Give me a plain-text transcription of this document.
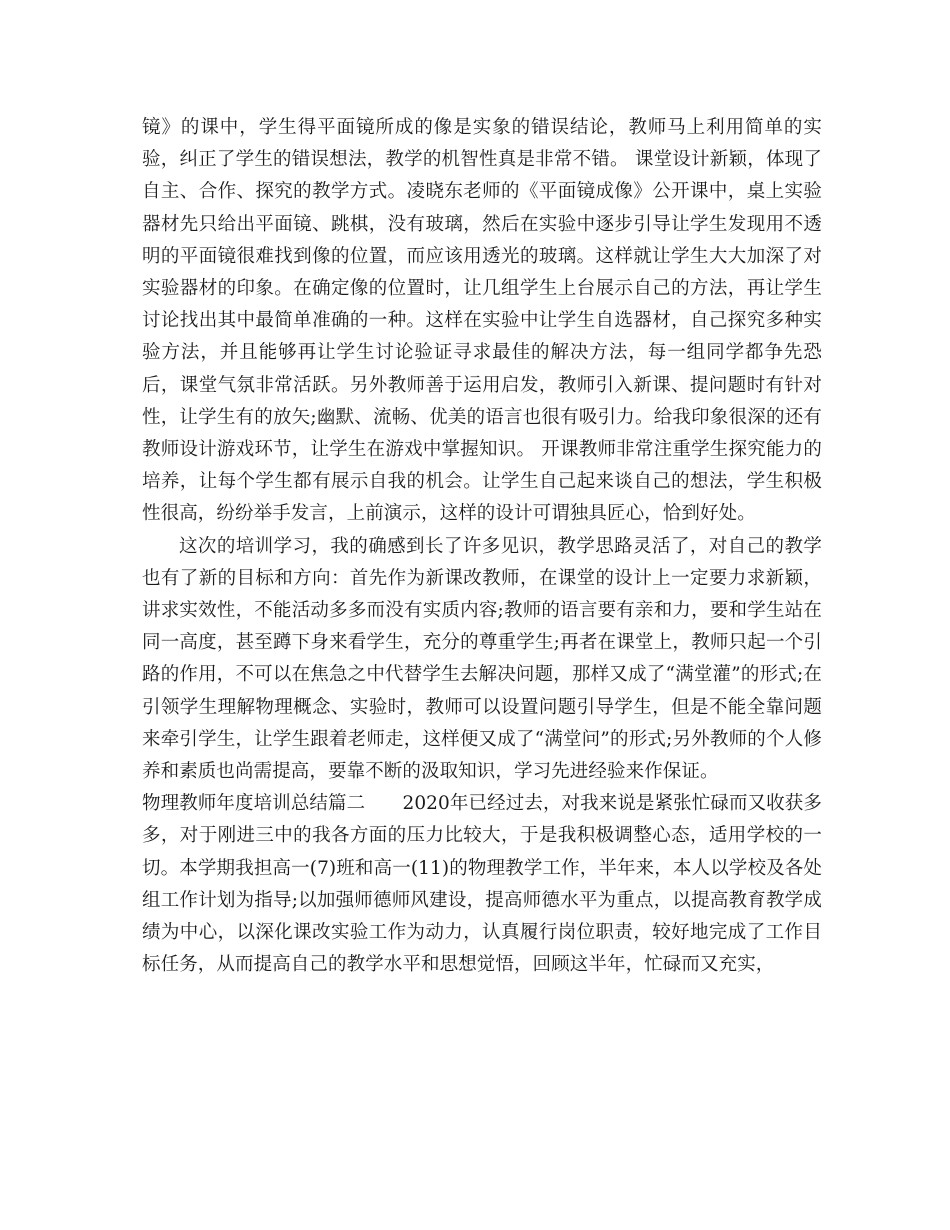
镜》的课中，学生得平面镜所成的像是实象的错误结论，教师马上利用简单的实验，纠正了学生的错误想法，教学的机智性真是非常不错。 课堂设计新颖，体现了自主、合作、探究的教学方式。凌晓东老师的《平面镜成像》公开课中，桌上实验器材先只给出平面镜、跳棋，没有玻璃，然后在实验中逐步引导让学生发现用不透明的平面镜很难找到像的位置，而应该用透光的玻璃。这样就让学生大大加深了对实验器材的印象。在确定像的位置时，让几组学生上台展示自己的方法，再让学生讨论找出其中最简单准确的一种。这样在实验中让学生自选器材，自己探究多种实验方法，并且能够再让学生讨论验证寻求最佳的解决方法，每一组同学都争先恐后，课堂气氛非常活跃。另外教师善于运用启发，教师引入新课、提问题时有针对性，让学生有的放矢;幽默、流畅、优美的语言也很有吸引力。给我印象很深的还有教师设计游戏环节，让学生在游戏中掌握知识。 开课教师非常注重学生探究能力的培养，让每个学生都有展示自我的机会。让学生自己起来谈自己的想法，学生积极性很高，纷纷举手发言，上前演示，这样的设计可谓独具匠心，恰到好处。

这次的培训学习，我的确感到长了许多见识，教学思路灵活了，对自己的教学也有了新的目标和方向：首先作为新课改教师，在课堂的设计上一定要力求新颖，讲求实效性，不能活动多多而没有实质内容;教师的语言要有亲和力，要和学生站在同一高度，甚至蹲下身来看学生，充分的尊重学生;再者在课堂上，教师只起一个引路的作用，不可以在焦急之中代替学生去解决问题，那样又成了“满堂灌”的形式;在引领学生理解物理概念、实验时，教师可以设置问题引导学生，但是不能全靠问题来牵引学生，让学生跟着老师走，这样便又成了“满堂问”的形式;另外教师的个人修养和素质也尚需提高，要靠不断的汲取知识，学习先进经验来作保证。

物理教师年度培训总结篇二　　2020年已经过去，对我来说是紧张忙碌而又收获多多，对于刚进三中的我各方面的压力比较大，于是我积极调整心态，适用学校的一切。本学期我担高一(7)班和高一(11)的物理教学工作，半年来，本人以学校及各处组工作计划为指导;以加强师德师风建设，提高师德水平为重点，以提高教育教学成绩为中心，以深化课改实验工作为动力，认真履行岗位职责，较好地完成了工作目标任务，从而提高自己的教学水平和思想觉悟，回顾这半年，忙碌而又充实，
